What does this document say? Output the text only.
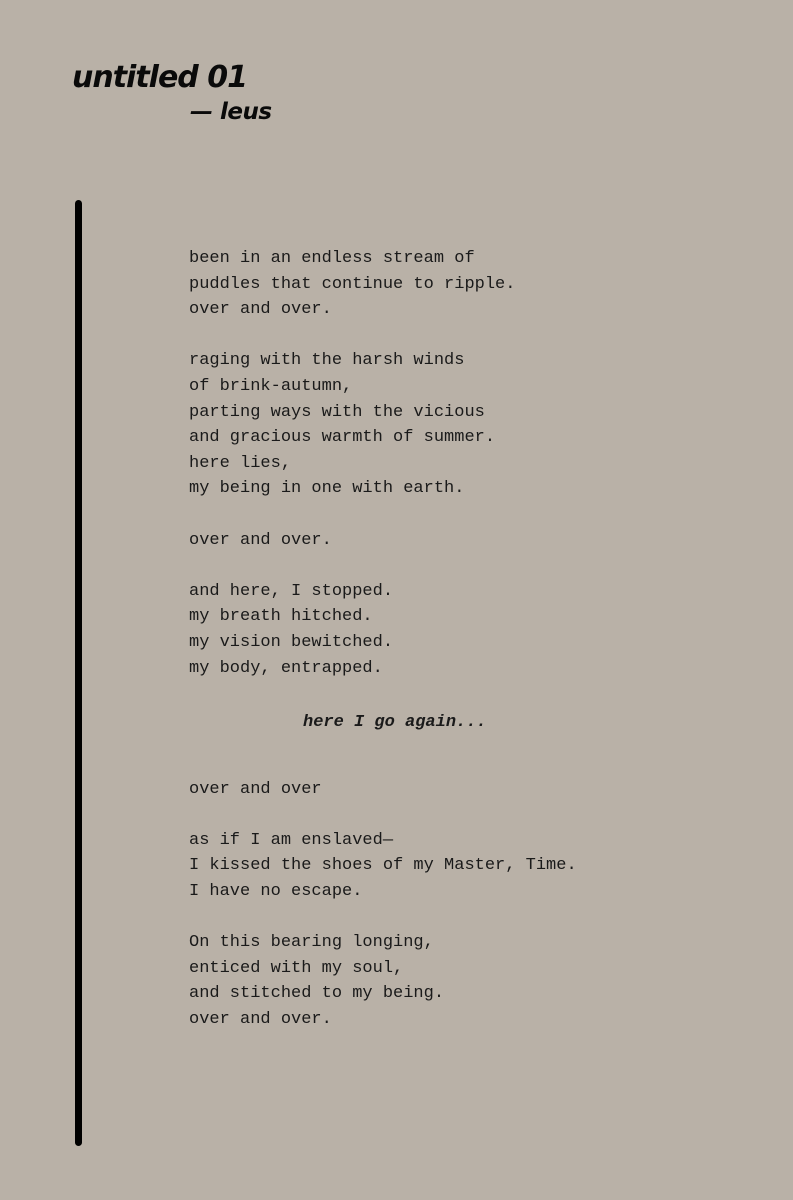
untitled 01
— leus
been in an endless stream of
puddles that continue to ripple.
over and over.
raging with the harsh winds
of brink-autumn,
parting ways with the vicious
and gracious warmth of summer.
here lies,
my being in one with earth.
over and over.
and here, I stopped.
my breath hitched.
my vision bewitched.
my body, entrapped.
here I go again...
over and over
as if I am enslaved—
I kissed the shoes of my Master, Time.
I have no escape.
On this bearing longing,
enticed with my soul,
and stitched to my being.
over and over.
